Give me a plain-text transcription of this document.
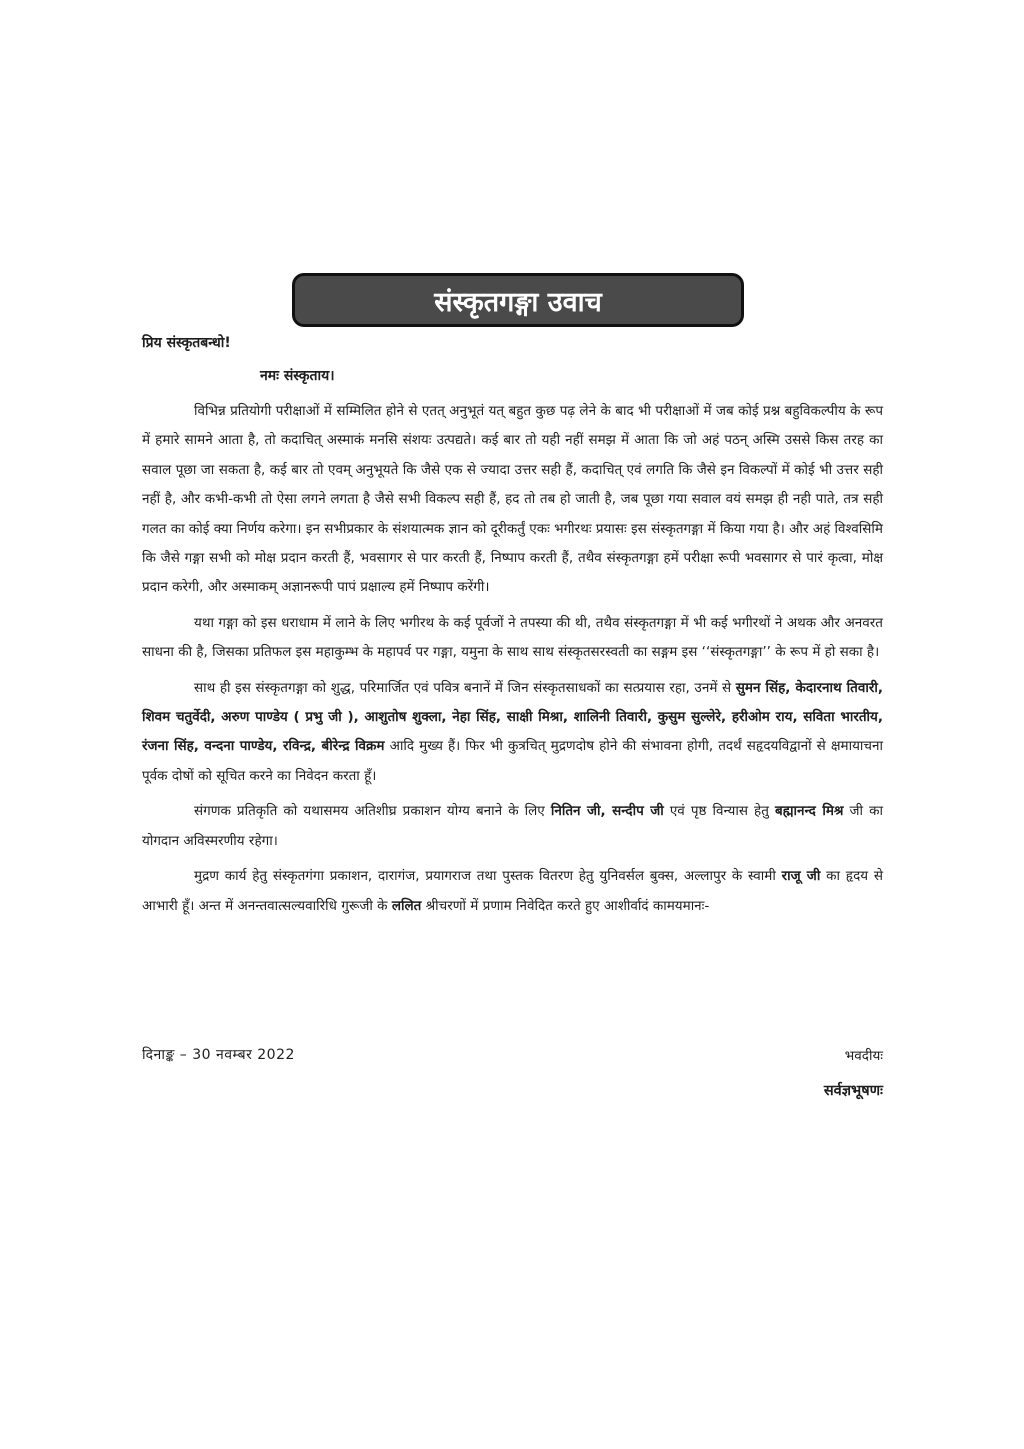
संस्कृतगङ्गा उवाच
प्रिय संस्कृतबन्धो!
नमः संस्कृताय।

विभिन्न प्रतियोगी परीक्षाओं में सम्मिलित होने से एतत् अनुभूतं यत् बहुत कुछ पढ़ लेने के बाद भी परीक्षाओं में जब कोई प्रश्न बहुविकल्पीय के रूप में हमारे सामने आता है, तो कदाचित् अस्माकं मनसि संशयः उत्पद्यते। कई बार तो यही नहीं समझ में आता कि जो अहं पठन् अस्मि उससे किस तरह का सवाल पूछा जा सकता है, कई बार तो एवम् अनुभूयते कि जैसे एक से ज्यादा उत्तर सही हैं, कदाचित् एवं लगति कि जैसे इन विकल्पों में कोई भी उत्तर सही नहीं है, और कभी-कभी तो ऐसा लगने लगता है जैसे सभी विकल्प सही हैं, हद तो तब हो जाती है, जब पूछा गया सवाल वयं समझ ही नही पाते, तत्र सही गलत का कोई क्या निर्णय करेगा। इन सभीप्रकार के संशयात्मक ज्ञान को दूरीकर्तुं एकः भगीरथः प्रयासः इस संस्कृतगङ्गा में किया गया है। और अहं विश्वसिमि कि जैसे गङ्गा सभी को मोक्ष प्रदान करती हैं, भवसागर से पार करती हैं, निष्पाप करती हैं, तथैव संस्कृतगङ्गा हमें परीक्षा रूपी भवसागर से पारं कृत्वा, मोक्ष प्रदान करेगी, और अस्माकम् अज्ञानरूपी पापं प्रक्षाल्य हमें निष्पाप करेंगी।

यथा गङ्गा को इस धराधाम में लाने के लिए भगीरथ के कई पूर्वजों ने तपस्या की थी, तथैव संस्कृतगङ्गा में भी कई भगीरथों ने अथक और अनवरत साधना की है, जिसका प्रतिफल इस महाकुम्भ के महापर्व पर गङ्गा, यमुना के साथ साथ संस्कृतसरस्वती का सङ्गम इस ‘‘संस्कृतगङ्गा’’ के रूप में हो सका है।

साथ ही इस संस्कृतगङ्गा को शुद्ध, परिमार्जित एवं पवित्र बनानें में जिन संस्कृतसाधकों का सत्प्रयास रहा, उनमें से सुमन सिंह, केदारनाथ तिवारी, शिवम चतुर्वेदी, अरुण पाण्डेय ( प्रभु जी ), आशुतोष शुक्ला, नेहा सिंह, साक्षी मिश्रा, शालिनी तिवारी, कुसुम सुल्लेरे, हरीओम राय, सविता भारतीय, रंजना सिंह, वन्दना पाण्डेय, रविन्द्र, बीरेन्द्र विक्रम आदि मुख्य हैं। फिर भी कुत्रचित् मुद्रणदोष होने की संभावना होगी, तदर्थं सहृदयविद्वानों से क्षमायाचना पूर्वक दोषों को सूचित करने का निवेदन करता हूँ।

संगणक प्रतिकृति को यथासमय अतिशीघ्र प्रकाशन योग्य बनाने के लिए नितिन जी, सन्दीप जी एवं पृष्ठ विन्यास हेतु बह्मानन्द मिश्र जी का योगदान अविस्मरणीय रहेगा।

मुद्रण कार्य हेतु संस्कृतगंगा प्रकाशन, दारागंज, प्रयागराज तथा पुस्तक वितरण हेतु युनिवर्सल बुक्स, अल्लापुर के स्वामी राजू जी का हृदय से आभारी हूँ। अन्त में अनन्तवात्सल्यवारिधि गुरूजी के ललित श्रीचरणों में प्रणाम निवेदित करते हुए आशीर्वादं कामयमानः-

दिनाङ्क – 30 नवम्बर 2022	भवदीयः
सर्वज्ञभूषणः
